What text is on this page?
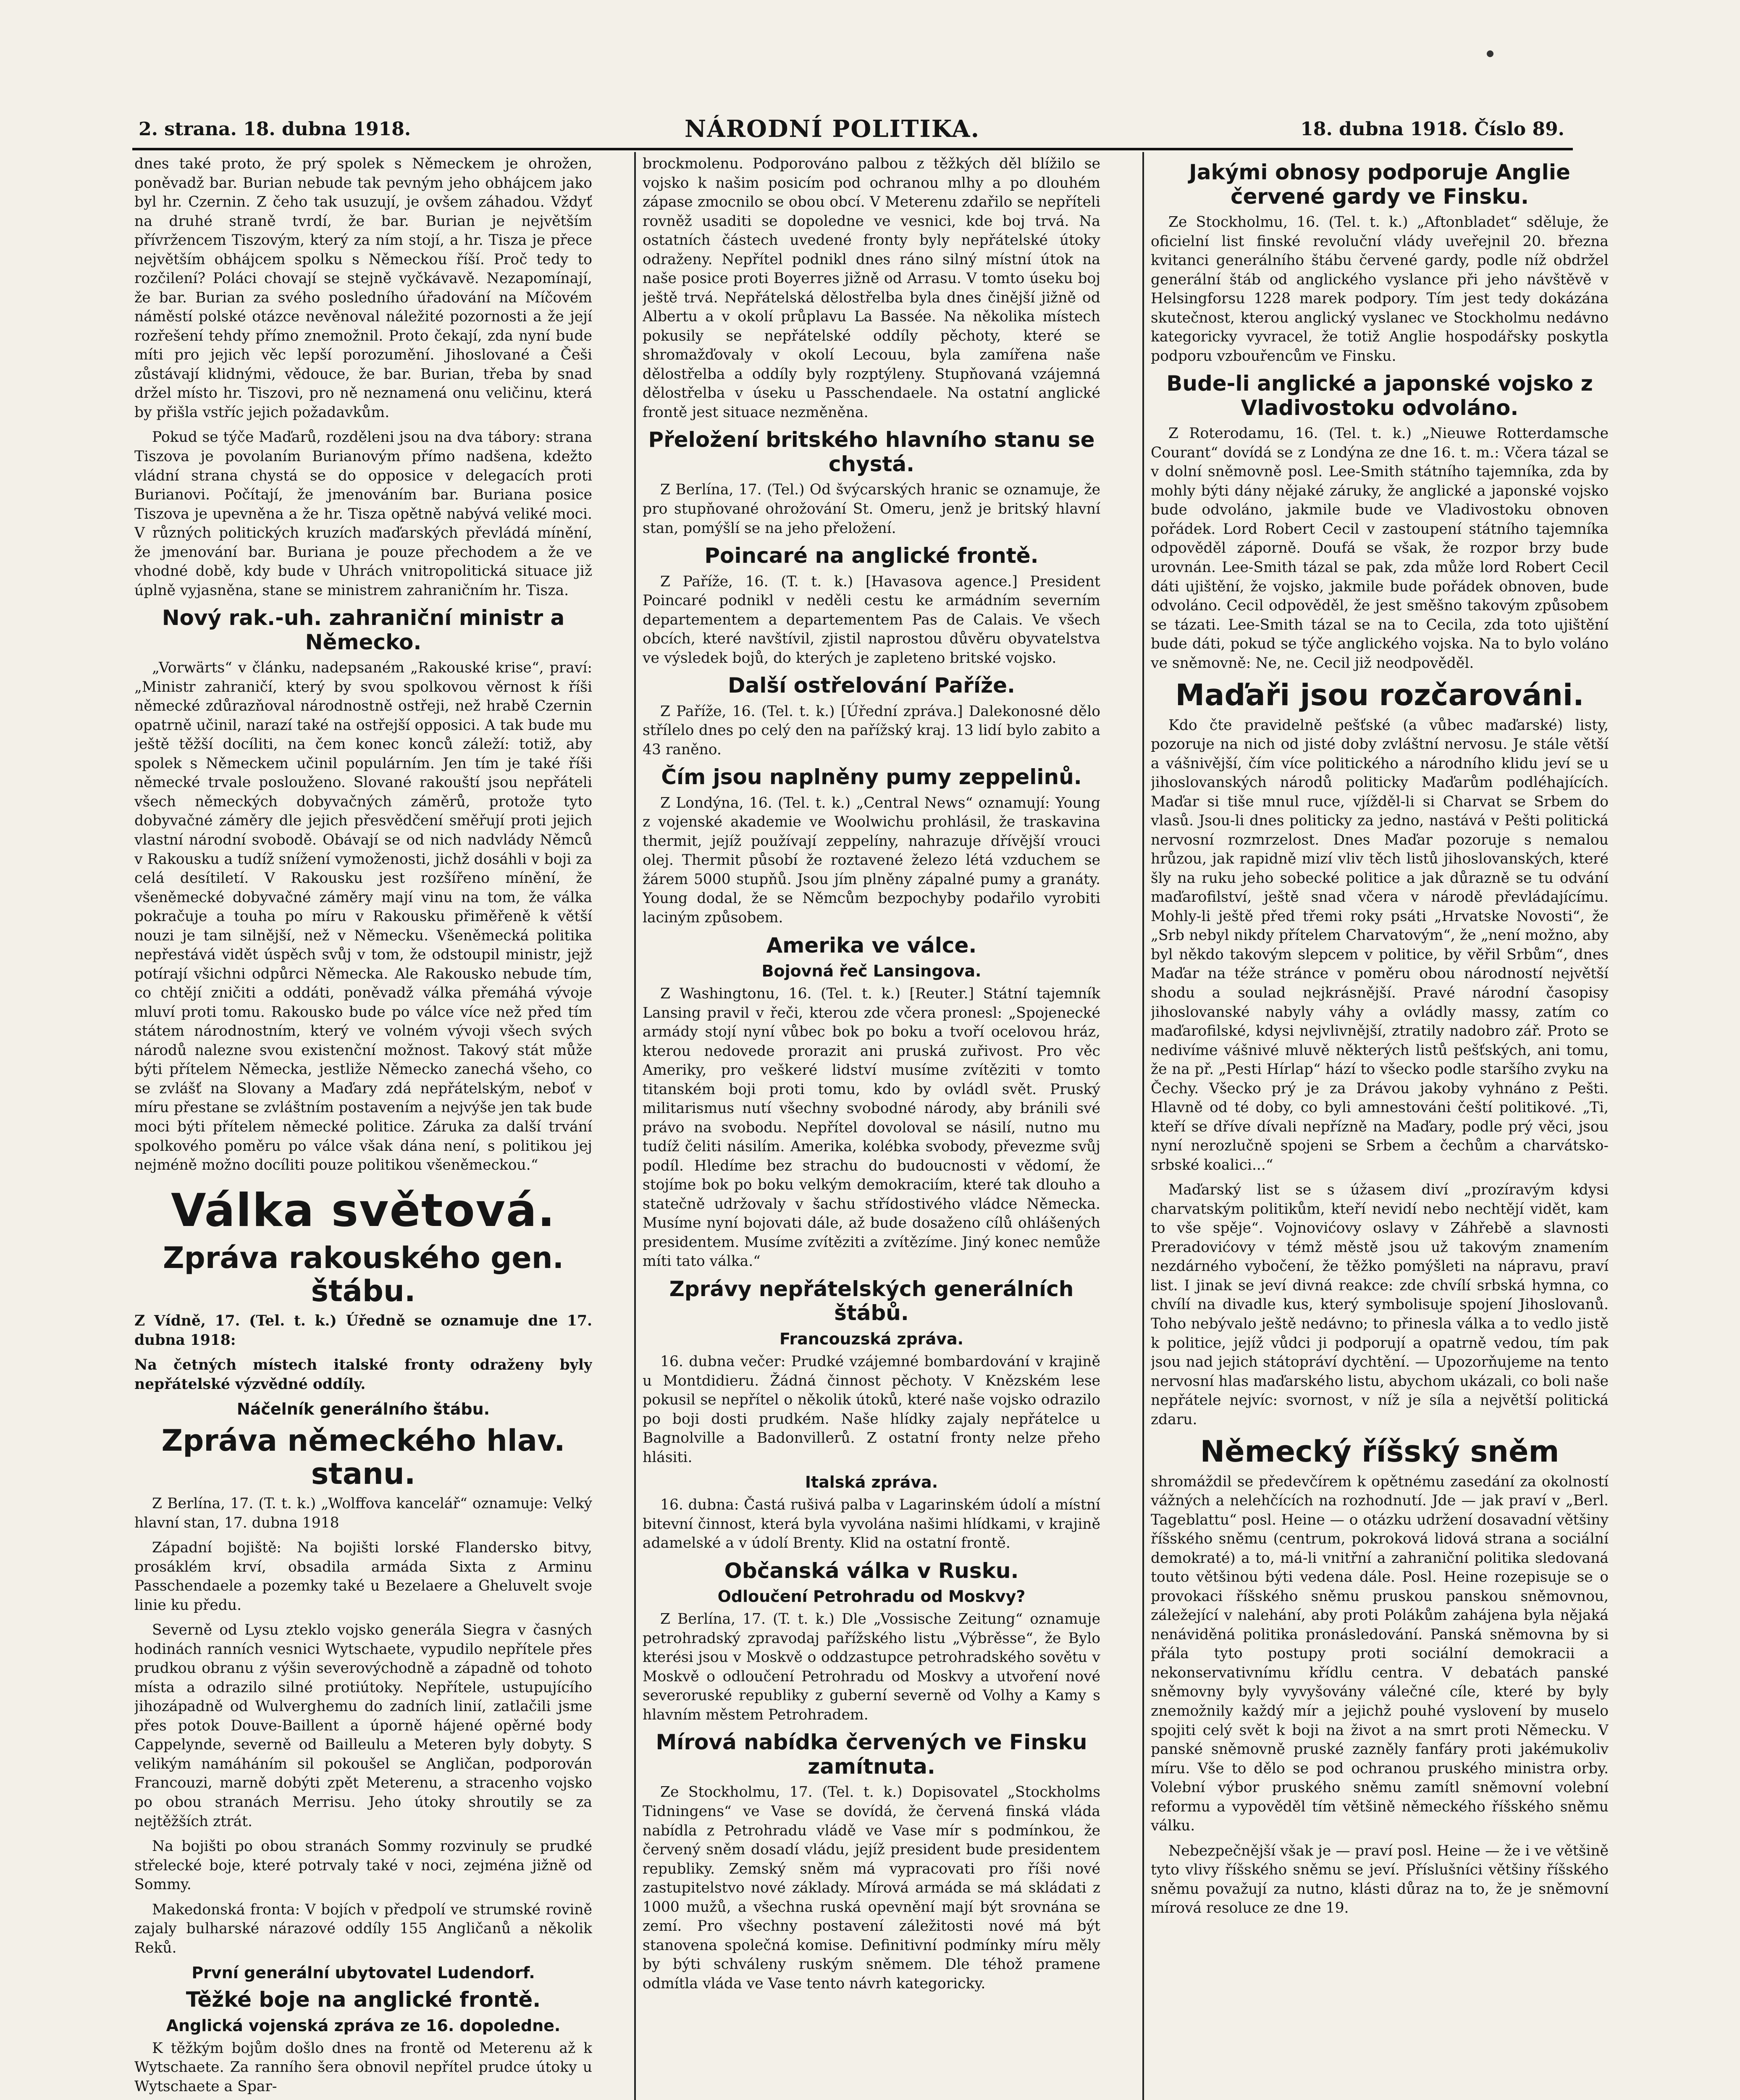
2. strana. 18. dubna 1918.	NÁRODNÍ POLITIKA.	18. dubna 1918. Číslo 89.

dnes také proto, že prý spolek s Německem je ohrožen, poněvadž bar. Burian nebude tak pevným jeho obhájcem jako byl hr. Czernin. Z čeho tak usuzují, je ovšem záhadou. Vždyť na druhé straně tvrdí, že bar. Burian je největším přívržencem Tiszovým, který za ním stojí, a hr. Tisza je přece největším obhájcem spolku s Německou říší. Proč tedy to rozčilení? Poláci chovají se stejně vyčkávavě. Nezapomínají, že bar. Burian za svého posledního úřadování na Míčovém náměstí polské otázce nevěnoval náležité pozornosti a že její rozřešení tehdy přímo znemožnil. Proto čekají, zda nyní bude míti pro jejich věc lepší porozumění. Jihoslované a Češi zůstávají klidnými, vědouce, že bar. Burian, třeba by snad držel místo hr. Tiszovi, pro ně neznamená onu veličinu, která by přišla vstříc jejich požadavkům.

Pokud se týče Maďarů, rozděleni jsou na dva tábory: strana Tiszova je povolaním Burianovým přímo nadšena, kdežto vládní strana chystá se do opposice v delegacích proti Burianovi. Počítají, že jmenováním bar. Buriana posice Tiszova je upevněna a že hr. Tisza opětně nabývá veliké moci. V různých politických kruzích maďarských převládá mínění, že jmenování bar. Buriana je pouze přechodem a že ve vhodné době, kdy bude v Uhrách vnitropolitická situace již úplně vyjasněna, stane se ministrem zahraničním hr. Tisza.

Nový rak.-uh. zahraniční ministr a Německo.

„Vorwärts“ v článku, nadepsaném „Rakouské krise“, praví: „Ministr zahraničí, který by svou spolkovou věrnost k říši německé zdůrazňoval národnostně ostřeji, než hrabě Czernin opatrně učinil, narazí také na ostřejší opposici. A tak bude mu ještě těžší docíliti, na čem konec konců záleží: totiž, aby spolek s Německem učinil populárním. Jen tím je také říši německé trvale poslouženo. Slované rakouští jsou nepřáteli všech německých dobyvačných záměrů, protože tyto dobyvačné záměry dle jejich přesvědčení směřují proti jejich vlastní národní svobodě. Obávají se od nich nadvlády Němců v Rakousku a tudíž snížení vymoženosti, jichž dosáhli v boji za celá desítiletí. V Rakousku jest rozšířeno mínění, že všeněmecké dobyvačné záměry mají vinu na tom, že válka pokračuje a touha po míru v Rakousku přiměřeně k větší nouzi je tam silnější, než v Německu. Všeněmecká politika nepřestává vidět úspěch svůj v tom, že odstoupil ministr, jejž potírají všichni odpůrci Německa. Ale Rakousko nebude tím, co chtějí zničiti a oddáti, poněvadž válka přemáhá vývoje mluví proti tomu. Rakousko bude po válce více než před tím státem národnostním, který ve volném vývoji všech svých národů nalezne svou existenční možnost. Takový stát může býti přítelem Německa, jestliže Německo zanechá všeho, co se zvlášť na Slovany a Maďary zdá nepřátelským, neboť v míru přestane se zvláštním postavením a nejvýše jen tak bude moci býti přítelem německé politice. Záruka za další trvání spolkového poměru po válce však dána není, s politikou jej nejméně možno docíliti pouze politikou všeněmeckou.“

Válka světová.
Zpráva rakouského gen. štábu.

Z Vídně, 17. (Tel. t. k.) Úředně se oznamuje dne 17. dubna 1918:

Na četných místech italské fronty odraženy byly nepřátelské výzvědné oddíly.

Náčelník generálního štábu.
Zpráva německého hlav. stanu.

Z Berlína, 17. (T. t. k.) „Wolffova kancelář“ oznamuje: Velký hlavní stan, 17. dubna 1918

Západní bojiště: Na bojišti lorské Flandersko bitvy, prosáklém krví, obsadila armáda Sixta z Arminu Passchendaele a pozemky také u Bezelaere a Gheluvelt svoje linie ku předu.

Severně od Lysu zteklo vojsko generála Siegra v časných hodinách ranních vesnici Wytschaete, vypudilo nepřítele přes prudkou obranu z výšin severovýchodně a západně od tohoto místa a odrazilo silné protiútoky. Nepřítele, ustupujícího jihozápadně od Wulverghemu do zadních linií, zatlačili jsme přes potok Douve-Baillent a úporně hájené opěrné body Cappelynde, severně od Bailleulu a Meteren byly dobyty. S velikým namáháním sil pokoušel se Angličan, podporován Francouzi, marně dobýti zpět Meterenu, a stracenho vojsko po obou stranách Merrisu. Jeho útoky shroutily se za nejtěžších ztrát.

Na bojišti po obou stranách Sommy rozvinuly se prudké střelecké boje, které potrvaly také v noci, zejména jižně od Sommy.

Makedonská fronta: V bojích v předpolí ve strumské rovině zajaly bulharské nárazové oddíly 155 Angličanů a několik Reků.

První generální ubytovatel Ludendorf.
Těžké boje na anglické frontě.
Anglická vojenská zpráva ze 16. dopoledne.

K těžkým bojům došlo dnes na frontě od Meterenu až k Wytschaete. Za ranního šera obnovil nepřítel prudce útoky u Wytschaete a Spar-

brockmolenu. Podporováno palbou z těžkých děl blížilo se vojsko k našim posicím pod ochranou mlhy a po dlouhém zápase zmocnilo se obou obcí. V Meterenu zdařilo se nepříteli rovněž usaditi se dopoledne ve vesnici, kde boj trvá. Na ostatních částech uvedené fronty byly nepřátelské útoky odraženy. Nepřítel podnikl dnes ráno silný místní útok na naše posice proti Boyerres jižně od Arrasu. V tomto úseku boj ještě trvá. Nepřátelská dělostřelba byla dnes činější jižně od Albertu a v okolí průplavu La Bassée. Na několika místech pokusily se nepřátelské oddíly pěchoty, které se shromažďovaly v okolí Lecouu, byla zamířena naše dělostřelba a oddíly byly rozptýleny. Stupňovaná vzájemná dělostřelba v úseku u Passchendaele. Na ostatní anglické frontě jest situace nezměněna.

Přeložení britského hlavního stanu se chystá.

Z Berlína, 17. (Tel.) Od švýcarských hranic se oznamuje, že pro stupňované ohrožování St. Omeru, jenž je britský hlavní stan, pomýšlí se na jeho přeložení.

Poincaré na anglické frontě.

Z Paříže, 16. (T. t. k.) [Havasova agence.] President Poincaré podnikl v neděli cestu ke armádním severním departementem a departementem Pas de Calais. Ve všech obcích, které navštívil, zjistil naprostou důvěru obyvatelstva ve výsledek bojů, do kterých je zapleteno britské vojsko.

Další ostřelování Paříže.

Z Paříže, 16. (Tel. t. k.) [Úřední zpráva.] Dalekonosné dělo střílelo dnes po celý den na pařížský kraj. 13 lidí bylo zabito a 43 raněno.

Čím jsou naplněny pumy zeppelinů.

Z Londýna, 16. (Tel. t. k.) „Central News“ oznamují: Young z vojenské akademie ve Woolwichu prohlásil, že traskavina thermit, jejíž používají zeppelíny, nahrazuje dřívější vrouci olej. Thermit působí že roztavené železo létá vzduchem se žárem 5000 stupňů. Jsou jím plněny zápalné pumy a granáty. Young dodal, že se Němcům bezpochyby podařilo vyrobiti laciným způsobem.

Amerika ve válce.
Bojovná řeč Lansingova.

Z Washingtonu, 16. (Tel. t. k.) [Reuter.] Státní tajemník Lansing pravil v řeči, kterou zde včera pronesl: „Spojenecké armády stojí nyní vůbec bok po boku a tvoří ocelovou hráz, kterou nedovede prorazit ani pruská zuřivost. Pro věc Ameriky, pro veškeré lidství musíme zvítěziti v tomto titanském boji proti tomu, kdo by ovládl svět. Pruský militarismus nutí všechny svobodné národy, aby bránili své právo na svobodu. Nepřítel dovoloval se násilí, nutno mu tudíž čeliti násilím. Amerika, kolébka svobody, převezme svůj podíl. Hledíme bez strachu do budoucnosti v vědomí, že stojíme bok po boku velkým demokraciím, které tak dlouho a statečně udržovaly v šachu střídostivého vládce Německa. Musíme nyní bojovati dále, až bude dosaženo cílů ohlášených presidentem. Musíme zvítěziti a zvítězíme. Jiný konec nemůže míti tato válka.“

Zprávy nepřátelských generálních štábů.
Francouzská zpráva.

16. dubna večer: Prudké vzájemné bombardování v krajině u Montdidieru. Žádná činnost pěchoty. V Knězském lese pokusil se nepřítel o několik útoků, které naše vojsko odrazilo po boji dosti prudkém. Naše hlídky zajaly nepřátelce u Bagnolville a Badonvillerů. Z ostatní fronty nelze přeho hlásiti.

Italská zpráva.

16. dubna: Častá rušivá palba v Lagarinském údolí a místní bitevní činnost, která byla vyvolána našimi hlídkami, v krajině adamelské a v údolí Brenty. Klid na ostatní frontě.

Občanská válka v Rusku.
Odloučení Petrohradu od Moskvy?

Z Berlína, 17. (T. t. k.) Dle „Vossische Zeitung“ oznamuje petrohradský zpravodaj pařížského listu „Výbrěsse“, že Bylo kterési jsou v Moskvě o oddzastupce petrohradského sovětu v Moskvě o odloučení Petrohradu od Moskvy a utvoření nové severoruské republiky z guberní severně od Volhy a Kamy s hlavním městem Petrohradem.

Mírová nabídka červených ve Finsku zamítnuta.

Ze Stockholmu, 17. (Tel. t. k.) Dopisovatel „Stockholms Tidningens“ ve Vase se dovídá, že červená finská vláda nabídla z Petrohradu vládě ve Vase mír s podmínkou, že červený sněm dosadí vládu, jejíž president bude presidentem republiky. Zemský sněm má vypracovati pro říši nové zastupitelstvo nové základy. Mírová armáda se má skládati z 1000 mužů, a všechna ruská opevnění mají být srovnána se zemí. Pro všechny postavení záležitosti nové má být stanovena společná komise. Definitivní podmínky míru měly by býti schváleny ruským sněmem. Dle téhož pramene odmítla vláda ve Vase tento návrh kategoricky.

Jakými obnosy podporuje Anglie červené gardy ve Finsku.

Ze Stockholmu, 16. (Tel. t. k.) „Aftonbladet“ sděluje, že oficielní list finské revoluční vlády uveřejnil 20. března kvitanci generálního štábu červené gardy, podle níž obdržel generální štáb od anglického vyslance při jeho návštěvě v Helsingforsu 1228 marek podpory. Tím jest tedy dokázána skutečnost, kterou anglický vyslanec ve Stockholmu nedávno kategoricky vyvracel, že totiž Anglie hospodářsky poskytla podporu vzbouřencům ve Finsku.

Bude-li anglické a japonské vojsko z Vladivostoku odvoláno.

Z Roterodamu, 16. (Tel. t. k.) „Nieuwe Rotterdamsche Courant“ dovídá se z Londýna ze dne 16. t. m.: Včera tázal se v dolní sněmovně posl. Lee-Smith státního tajemníka, zda by mohly býti dány nějaké záruky, že anglické a japonské vojsko bude odvoláno, jakmile bude ve Vladivostoku obnoven pořádek. Lord Robert Cecil v zastoupení státního tajemníka odpověděl záporně. Doufá se však, že rozpor brzy bude urovnán. Lee-Smith tázal se pak, zda může lord Robert Cecil dáti ujištění, že vojsko, jakmile bude pořádek obnoven, bude odvoláno. Cecil odpověděl, že jest směšno takovým způsobem se tázati. Lee-Smith tázal se na to Cecila, zda toto ujištění bude dáti, pokud se týče anglického vojska. Na to bylo voláno ve sněmovně: Ne, ne. Cecil již neodpověděl.

Maďaři jsou rozčarováni.

Kdo čte pravidelně pešťské (a vůbec maďarské) listy, pozoruje na nich od jisté doby zvláštní nervosu. Je stále větší a vášnivější, čím více politického a národního klidu jeví se u jihoslovanských národů politicky Maďarům podléhajících. Maďar si tiše mnul ruce, vjížděl-li si Charvat se Srbem do vlasů. Jsou-li dnes politicky za jedno, nastává v Pešti politická nervosní rozmrzelost. Dnes Maďar pozoruje s nemalou hrůzou, jak rapidně mizí vliv těch listů jihoslovanských, které šly na ruku jeho sobecké politice a jak důrazně se tu odvání maďarofilství, ještě snad včera v národě převládajícímu. Mohly-li ještě před třemi roky psáti „Hrvatske Novosti“, že „Srb nebyl nikdy přítelem Charvatovým“, že „není možno, aby byl někdo takovým slepcem v politice, by věřil Srbům“, dnes Maďar na téže stránce v poměru obou národností největší shodu a soulad nejkrásnější. Pravé národní časopisy jihoslovanské nabyly váhy a ovládly massy, zatím co maďarofilské, kdysi nejvlivnější, ztratily nadobro zář. Proto se nedivíme vášnivé mluvě některých listů pešťských, ani tomu, že na př. „Pesti Hírlap“ hází to všecko podle staršího zvyku na Čechy. Všecko prý je za Drávou jakoby vyhnáno z Pešti. Hlavně od té doby, co byli amnestováni čeští politikové. „Ti, kteří se dříve dívali nepřízně na Maďary, podle prý věci, jsou nyní nerozlučně spojeni se Srbem a čechům a charvátsko-srbské koalici...“

Maďarský list se s úžasem diví „prozíravým kdysi charvatským politikům, kteří nevidí nebo nechtějí vidět, kam to vše spěje“. Vojnovićovy oslavy v Záhřebě a slavnosti Preradovićovy v témž městě jsou už takovým znamením nezdárného vybočení, že těžko pomýšleti na nápravu, praví list. I jinak se jeví divná reakce: zde chvílí srbská hymna, co chvílí na divadle kus, který symbolisuje spojení Jihoslovanů. Toho nebývalo ještě nedávno; to přinesla válka a to vedlo jistě k politice, jejíž vůdci ji podporují a opatrně vedou, tím pak jsou nad jejich státopráví dychtění. — Upozorňujeme na tento nervosní hlas maďarského listu, abychom ukázali, co boli naše nepřátele nejvíc: svornost, v níž je síla a největší politická zdaru.

Německý říšský sněm

shromáždil se předevčírem k opětnému zasedání za okolností vážných a nelehčících na rozhodnutí. Jde — jak praví v „Berl. Tageblattu“ posl. Heine — o otázku udržení dosavadní většiny říšského sněmu (centrum, pokroková lidová strana a sociální demokraté) a to, má-li vnitřní a zahraniční politika sledovaná touto většinou býti vedena dále. Posl. Heine rozepisuje se o provokaci říšského sněmu pruskou panskou sněmovnou, záležející v nalehání, aby proti Polákům zahájena byla nějaká nenáviděná politika pronásledování. Panská sněmovna by si přála tyto postupy proti sociální demokracii a nekonservativnímu křídlu centra. V debatách panské sněmovny byly vyvyšovány válečné cíle, které by byly znemožnily každý mír a jejichž pouhé vyslovení by muselo spojiti celý svět k boji na život a na smrt proti Německu. V panské sněmovně pruské zazněly fanfáry proti jakémukoliv míru. Vše to dělo se pod ochranou pruského ministra orby. Volební výbor pruského sněmu zamítl sněmovní volební reformu a vypověděl tím většině německého říšského sněmu válku.

Nebezpečnější však je — praví posl. Heine — že i ve většině tyto vlivy říšského sněmu se jeví. Příslušníci většiny říšského sněmu považují za nutno, klásti důraz na to, že je sněmovní mírová resoluce ze dne 19.
